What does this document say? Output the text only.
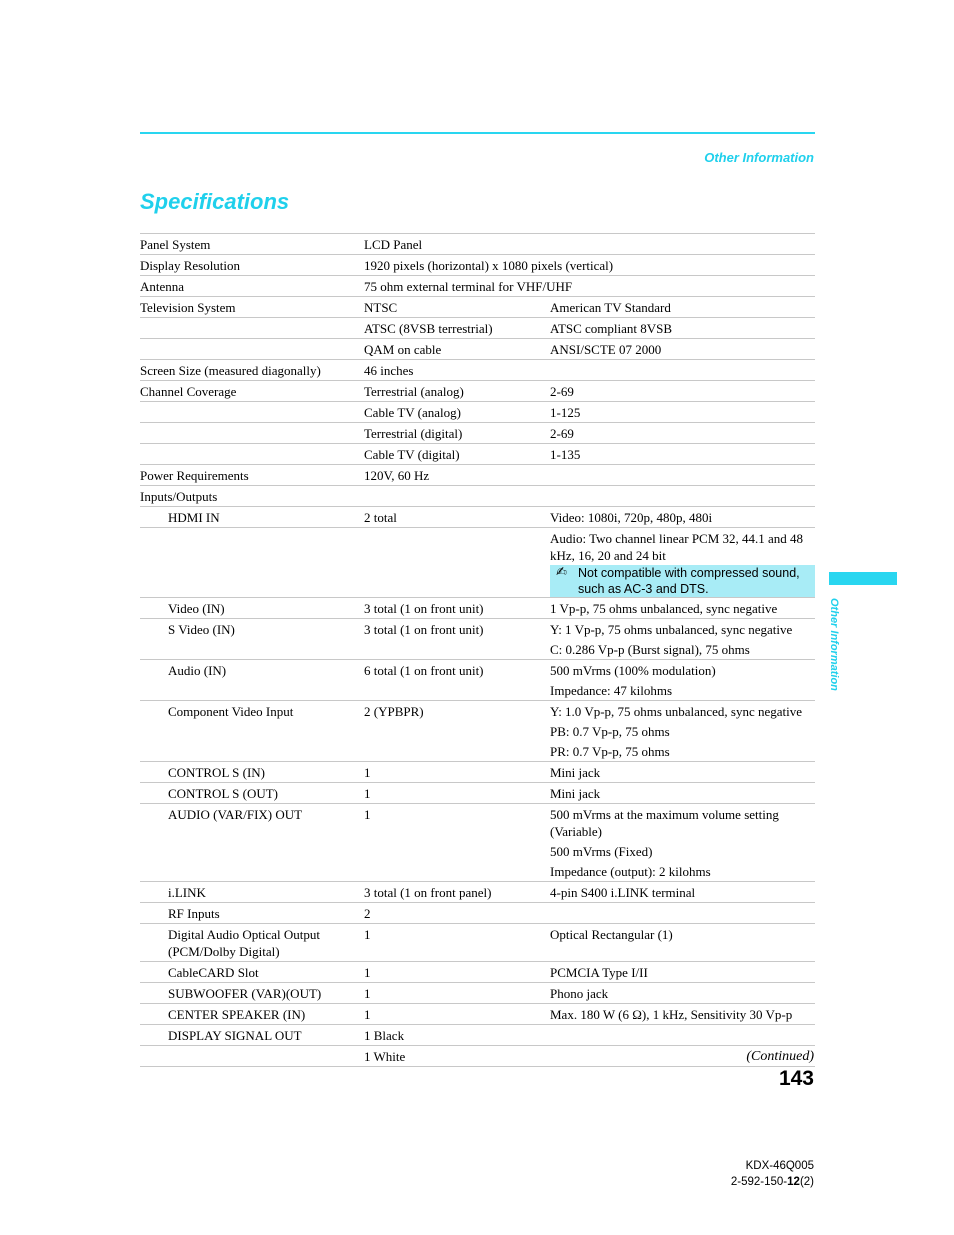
Other Information
Specifications
Other Information
Panel System	LCD Panel	
Display Resolution	1920 pixels (horizontal) x 1080 pixels (vertical)	
Antenna	75 ohm external terminal for VHF/UHF	
Television System	NTSC	American TV Standard
	ATSC (8VSB terrestrial)	ATSC compliant 8VSB
	QAM on cable	ANSI/SCTE 07 2000
Screen Size (measured diagonally)	46 inches	
Channel Coverage	Terrestrial (analog)	2-69
	Cable TV (analog)	1-125
	Terrestrial (digital)	2-69
	Cable TV (digital)	1-135
Power Requirements	120V, 60 Hz	
Inputs/Outputs		
HDMI IN	2 total	Video: 1080i, 720p, 480p, 480i
		Audio: Two channel linear PCM 32, 44.1 and 48 kHz, 16, 20 and 24 bit

		✍ Not compatible with compressed sound, such as AC-3 and DTS.

Video (IN)	3 total (1 on front unit)	1 Vp-p, 75 ohms unbalanced, sync negative
S Video (IN)	3 total (1 on front unit)	Y: 1 Vp-p, 75 ohms unbalanced, sync negative
		C: 0.286 Vp-p (Burst signal), 75 ohms
Audio (IN)	6 total (1 on front unit)	500 mVrms (100% modulation)
		Impedance: 47 kilohms
Component Video Input	2 (YPBPR)	Y: 1.0 Vp-p, 75 ohms unbalanced, sync negative
		PB: 0.7 Vp-p, 75 ohms
		PR: 0.7 Vp-p, 75 ohms
CONTROL S (IN)	1	Mini jack
CONTROL S (OUT)	1	Mini jack
AUDIO (VAR/FIX) OUT	1	500 mVrms at the maximum volume setting (Variable)
		500 mVrms (Fixed)
		Impedance (output): 2 kilohms
i.LINK	3 total (1 on front panel)	4-pin S400 i.LINK terminal
RF Inputs	2	
Digital Audio Optical Output (PCM/Dolby Digital)	1	Optical Rectangular (1)
CableCARD Slot	1	PCMCIA Type I/II
SUBWOOFER (VAR)(OUT)	1	Phono jack
CENTER SPEAKER (IN)	1	Max. 180 W (6 Ω), 1 kHz, Sensitivity 30 Vp-p
DISPLAY SIGNAL OUT	1 Black	
	1 White		(Continued)
143
KDX-46Q005
2-592-150-12(2)
